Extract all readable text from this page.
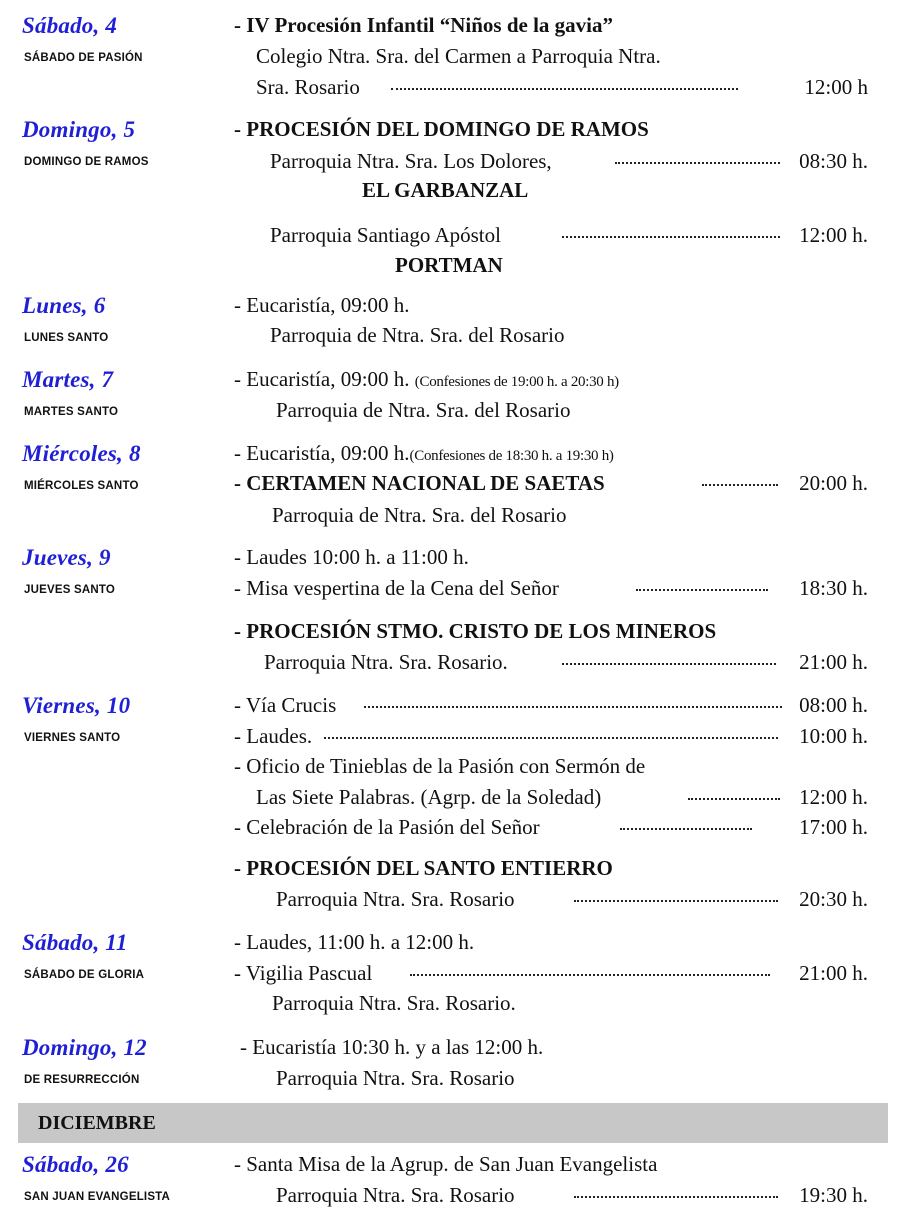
Sábado, 4
SÁBADO DE PASIÓN
- IV Procesión Infantil “Niños de la gavia”
Colegio Ntra. Sra. del Carmen a Parroquia Ntra.
Sra. Rosario	12:00 h
Domingo, 5
DOMINGO DE RAMOS
- PROCESIÓN DEL DOMINGO DE RAMOS
Parroquia Ntra. Sra. Los Dolores,	08:30 h.
EL GARBANZAL
Parroquia Santiago Apóstol	12:00 h.
PORTMAN
Lunes, 6
LUNES SANTO
- Eucaristía, 09:00 h.
Parroquia de Ntra. Sra. del Rosario
Martes, 7
MARTES SANTO
- Eucaristía, 09:00 h. (Confesiones de 19:00 h. a 20:30 h)
Parroquia de Ntra. Sra. del Rosario
Miércoles, 8
MIÉRCOLES SANTO
- Eucaristía, 09:00 h.(Confesiones de 18:30 h. a 19:30 h)
- CERTAMEN NACIONAL DE SAETAS	20:00 h.
Parroquia de Ntra. Sra. del Rosario
Jueves, 9
JUEVES SANTO
- Laudes 10:00 h. a 11:00 h.
- Misa vespertina de la Cena del Señor	18:30 h.
- PROCESIÓN STMO. CRISTO DE LOS MINEROS
Parroquia Ntra. Sra. Rosario.	21:00 h.
Viernes, 10
VIERNES SANTO
- Vía Crucis	08:00 h.
- Laudes.	10:00 h.
- Oficio de Tinieblas de la Pasión con Sermón de
Las Siete Palabras. (Agrp. de la Soledad)	12:00 h.
- Celebración de la Pasión del Señor	17:00 h.
- PROCESIÓN DEL SANTO ENTIERRO
Parroquia Ntra. Sra. Rosario	20:30 h.
Sábado, 11
SÁBADO DE GLORIA
- Laudes, 11:00 h. a 12:00 h.
- Vigilia Pascual	21:00 h.
Parroquia Ntra. Sra. Rosario.
Domingo, 12
DE RESURRECCIÓN
- Eucaristía 10:30 h. y a las 12:00 h.
Parroquia Ntra. Sra. Rosario
DICIEMBRE
Sábado, 26
SAN JUAN EVANGELISTA
- Santa Misa de la Agrup. de San Juan Evangelista
Parroquia Ntra. Sra. Rosario	19:30 h.
